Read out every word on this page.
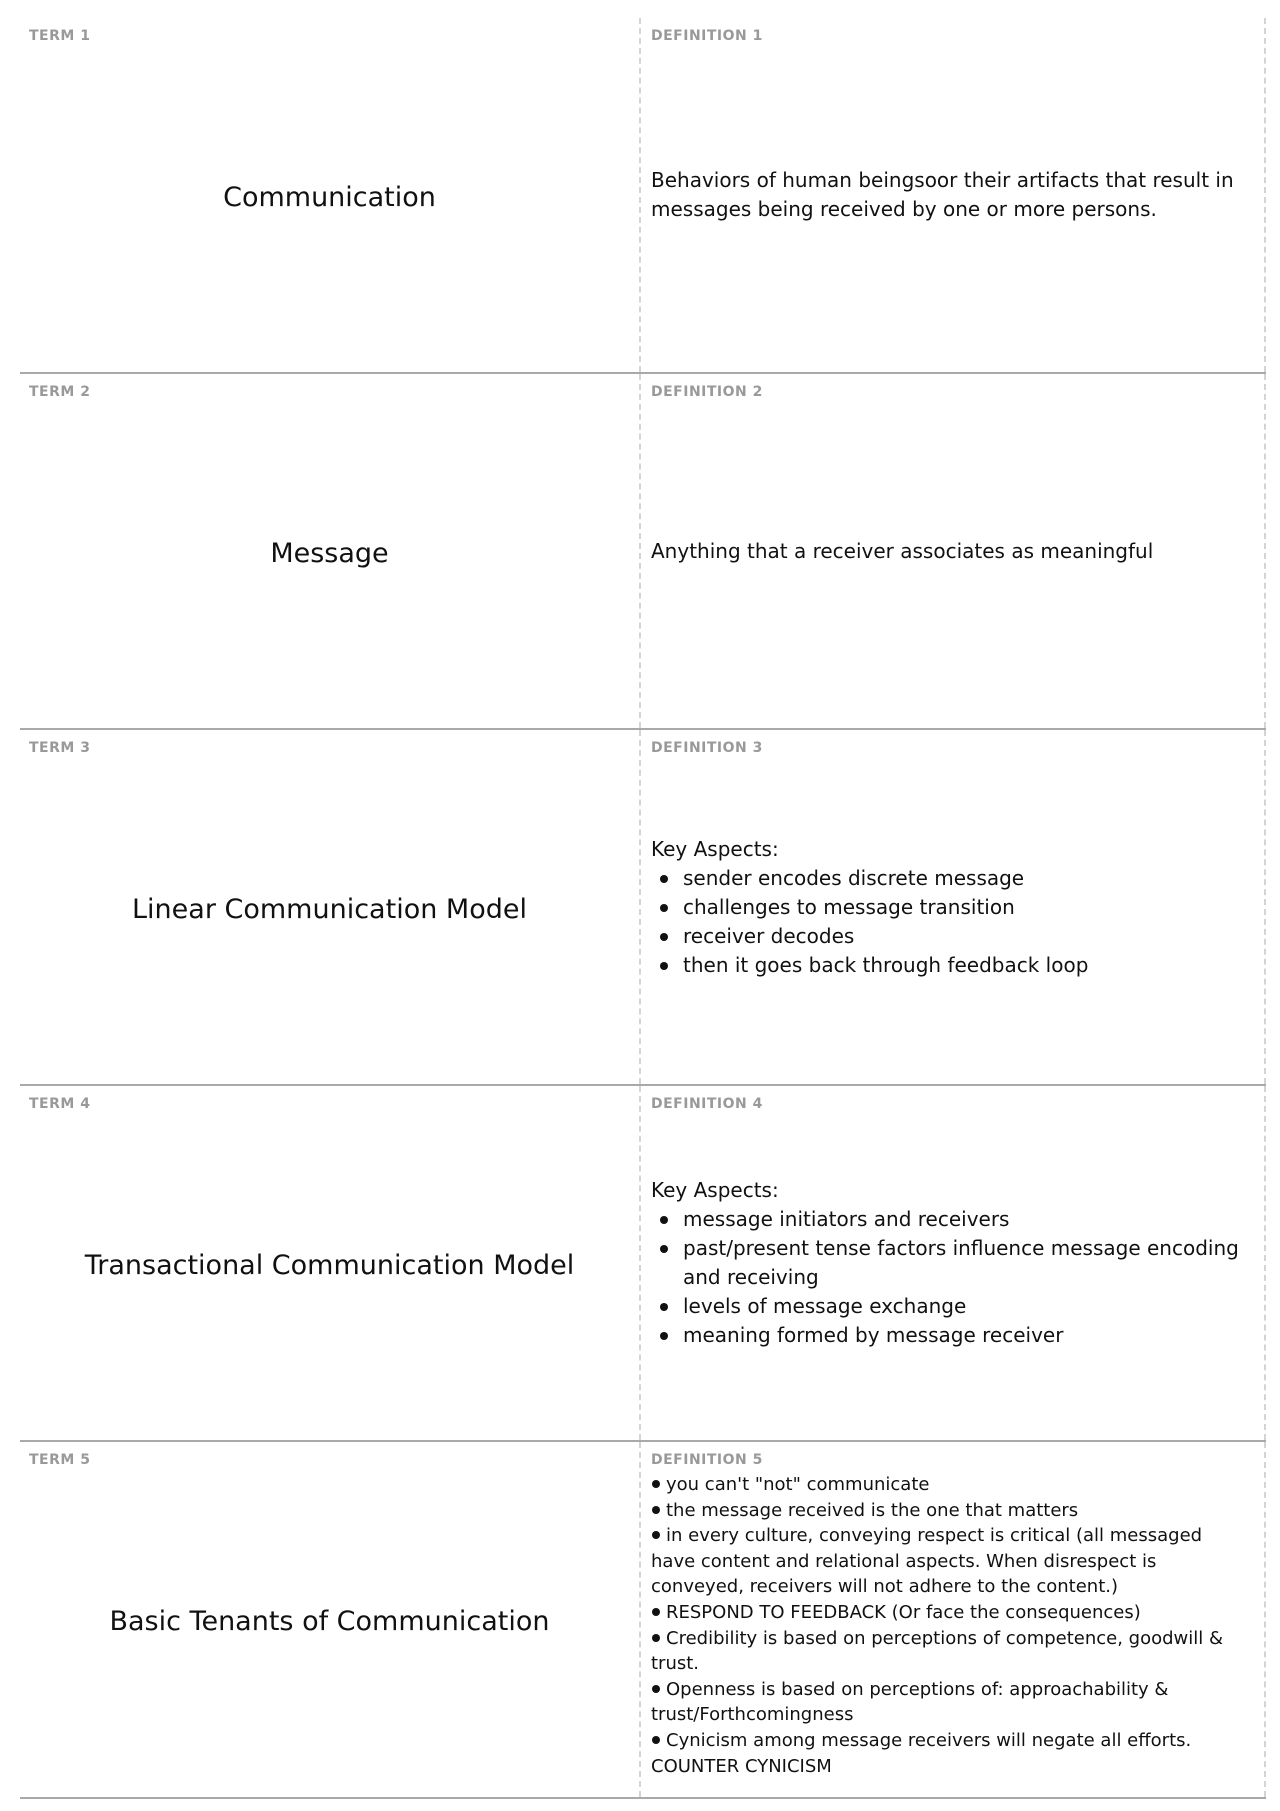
TERM 1
Communication
DEFINITION 1
Behaviors of human beingsoor their artifacts that result in messages being received by one or more persons.
TERM 2
Message
DEFINITION 2
Anything that a receiver associates as meaningful
TERM 3
Linear Communication Model
DEFINITION 3
Key Aspects:
sender encodes discrete message
challenges to message transition
receiver decodes
then it goes back through feedback loop
TERM 4
Transactional Communication Model
DEFINITION 4
Key Aspects:
message initiators and receivers
past/present tense factors influence message encoding and receiving
levels of message exchange
meaning formed by message receiver
TERM 5
Basic Tenants of Communication
DEFINITION 5

you can't "not" communicate

the message received is the one that matters

in every culture, conveying respect is critical (all messaged have content and relational aspects. When disrespect is conveyed, receivers will not adhere to the content.)

RESPOND TO FEEDBACK (Or face the consequences)

Credibility is based on perceptions of competence, goodwill & trust.

Openness is based on perceptions of: approachability & trust/Forthcomingness

Cynicism among message receivers will negate all efforts. COUNTER CYNICISM
